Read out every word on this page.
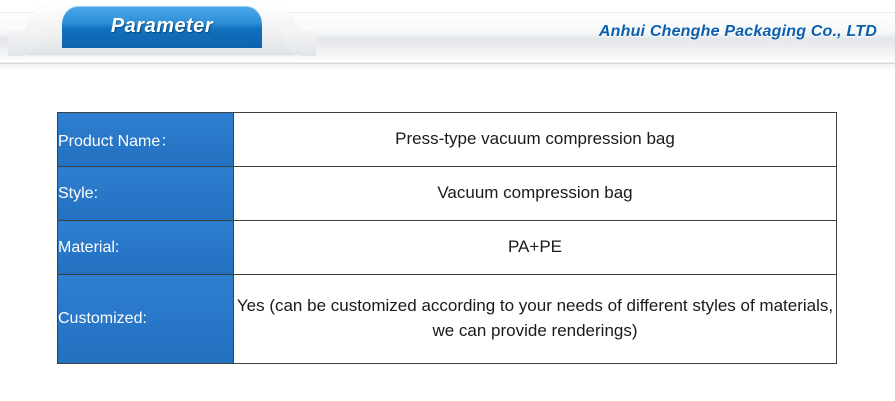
Parameter	Anhui Chenghe Packaging Co., LTD
Product Name：	Press-type vacuum compression bag
Style:	Vacuum compression bag
Material:	PA+PE
Customized:	Yes (can be customized according to your needs of different styles of materials, we can provide renderings)
